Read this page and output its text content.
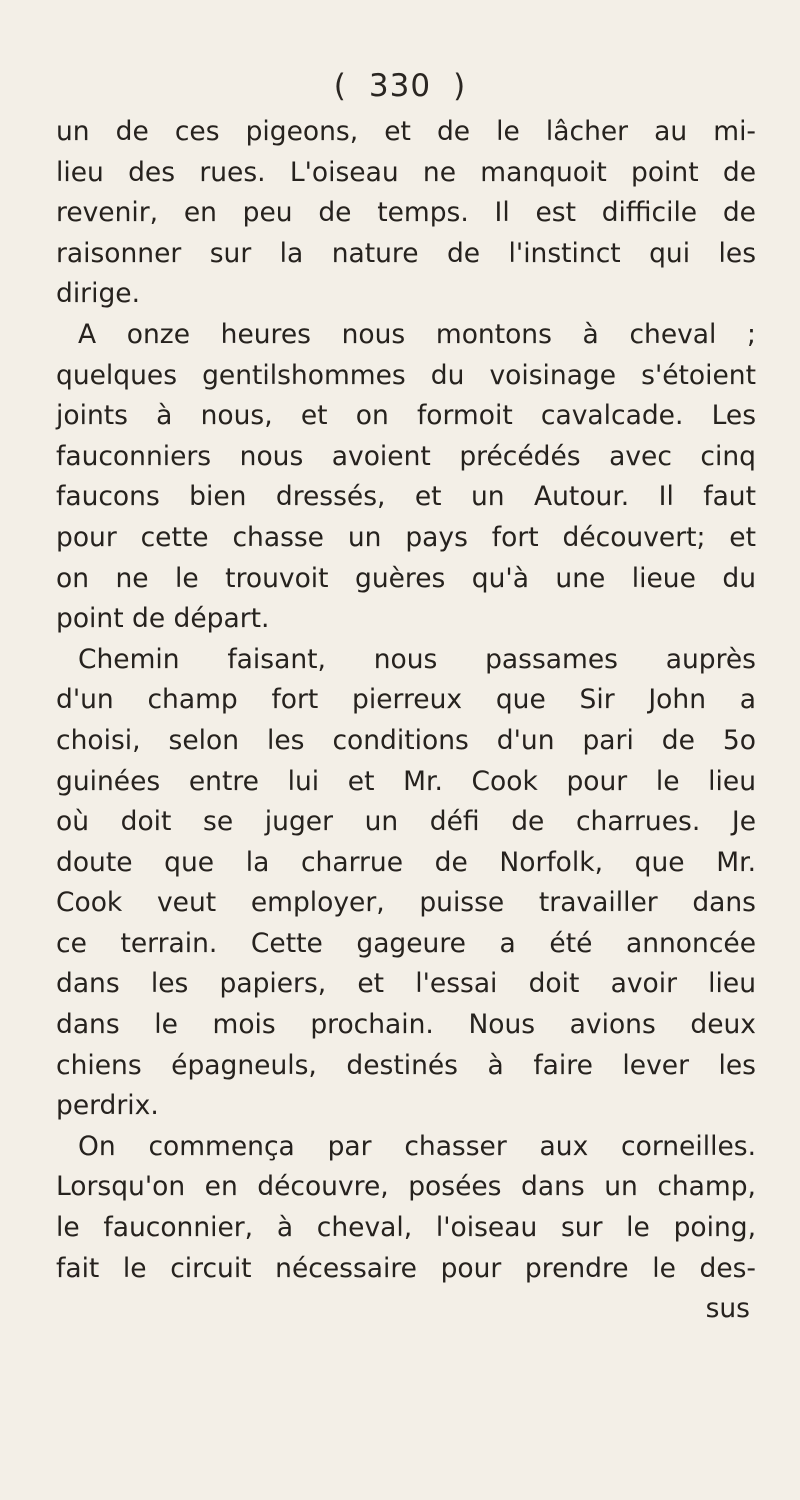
( 330 )
un de ces pigeons, et de le lâcher au mi-
lieu des rues. L'oiseau ne manquoit point de
revenir, en peu de temps. Il est difficile de
raisonner sur la nature de l'instinct qui les
dirige.
A onze heures nous montons à cheval ;
quelques gentilshommes du voisinage s'étoient
joints à nous, et on formoit cavalcade. Les
fauconniers nous avoient précédés avec cinq
faucons bien dressés, et un Autour. Il faut
pour cette chasse un pays fort découvert; et
on ne le trouvoit guères qu'à une lieue du
point de départ.
Chemin faisant, nous passames auprès
d'un champ fort pierreux que Sir John a
choisi, selon les conditions d'un pari de 5o
guinées entre lui et Mr. Cook pour le lieu
où doit se juger un défi de charrues. Je
doute que la charrue de Norfolk, que Mr.
Cook veut employer, puisse travailler dans
ce terrain. Cette gageure a été annoncée
dans les papiers, et l'essai doit avoir lieu
dans le mois prochain. Nous avions deux
chiens épagneuls, destinés à faire lever les
perdrix.
On commença par chasser aux corneilles.
Lorsqu'on en découvre, posées dans un champ,
le fauconnier, à cheval, l'oiseau sur le poing,
fait le circuit nécessaire pour prendre le des-
sus
